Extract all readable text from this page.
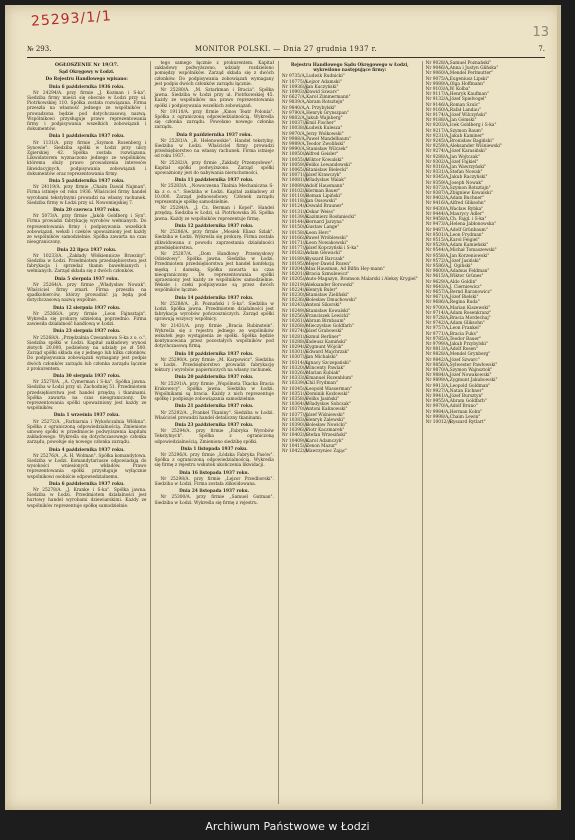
25293/1/1
13
№ 293.	MONITOR POLSKI. — Dnia 27 grudnia 1937 r.	7.
OGŁOSZENIE Nr 19/37.
Sąd Okręgowy w Łodzi.
Do Rejestru Handlowego wpisano:
Dnia 6 października 1936 roku.
Nr 24294/A. przy firmie „J. Kozman i S-ka". Siedziba firmy mieści się obecnie w Łodzi przy ul. Piotrkowskiej 110. Spółka została rozwiązana. Firma przeszła na własność jednego ze wspólników i prowadzona będzie pod dotychczasową nazwą. Wspólnikowi przysługuje prawo reprezentowania firmy i podpisywania wszelkich zobowiązań i dokumentów.
Dnia 1 października 1937 roku.
Nr 1131/A. przy firmie „Szymon Rozenberg i Synowie". Siedziba spółki w Łodzi przy ulicy Zgierskiej 42. Spółka została rozwiązana. Likwidatorem wyznaczono jednego ze wspólników, któremu służy prawo prowadzenia interesów likwidacyjnych, podpisywania zobowiązań i dokumentów oraz reprezentowania firmy.
Dnia 5 października 1937 roku.
Nr 24119/A. przy firmie „Chaim Dawid Najman". Firma istnieje od roku 1936. Właściciel firmy handel wyrobami tekstylnymi prowadzi na własny rachunek. Siedziba firmy w Łodzi przy ul. Nowomiejskiej 7.
Dnia 20 czerwca 1937 roku.
Nr 5073/A. przy firmie „Jakób Goldberg i Syn". Firma prowadzi fabrykację wyrobów wełnianych. Do reprezentowania firmy i podpisywania wszelkich zobowiązań, weksli i czeków upoważniony jest każdy ze wspólników samodzielnie. Spółka zawarta na czas nieograniczony.
Dnia 22 lipca 1937 roku.
Nr 10233/A. „Zakłady Włókiennicze Brzeziny". Siedziba w Łodzi. Przedmiotem przedsiębiorstwa jest fabrykacja i sprzedaż tkanin bawełnianych i wełnianych. Zarząd składa się z dwóch członków.
Dnia 5 sierpnia 1937 roku.
Nr 25264/A. przy firmie „Władysław Nowak". Właściciel firmy zmarł. Firma przeszła na spadkobierców, którzy prowadzić ją będą pod dotychczasową nazwą wspólnie.
Dnia 12 sierpnia 1937 roku.
Nr 25266/A. przy firmie „Leon Fajnsztajn". Wykreśla się prokurę udzieloną poprzednio. Firma zawiesiła działalność handlową w Łodzi.
Dnia 23 sierpnia 1937 roku.
Nr 25268/A. „Przędzalnia Czesankowa S-ka z o. o.". Siedziba spółki w Łodzi. Kapitał zakładowy wynosi złotych 20.000, podzielony na udziały po zł 500. Zarząd spółki składa się z jednego lub kilku członków. Do podpisywania zobowiązań wymagany jest podpis dwóch członków zarządu lub członka zarządu łącznie z prokurentem.
Dnia 30 sierpnia 1937 roku.
Nr 25270/A. „A. Cymerman i S-ka". Spółka jawna. Siedziba w Łodzi przy ul. Zachodniej 51. Przedmiotem przedsiębiorstwa jest handel przędzą i tkaninami. Spółka zawarta na czas nieograniczony. Do reprezentowania spółki upoważniony jest każdy ze wspólników.
Dnia 1 września 1937 roku.
Nr 25272/A. „Farbiarnia i Wykończalnia Włókna". Spółka z ograniczoną odpowiedzialnością. Zmieniono umowę spółki w przedmiocie podwyższenia kapitału zakładowego. Wykreśla się dotychczasowego członka zarządu, powołuje się nowego członka zarządu.
Dnia 4 października 1937 roku.
Nr 25276/A. „A. H. Wolman". Spółka komandytowa. Siedziba w Łodzi. Komandytariusze odpowiadają do wysokości wniesionych wkładów. Prawo reprezentowania spółki przysługuje wyłącznie wspólnikowi osobiście odpowiedzialnemu.
Dnia 6 października 1937 roku.
Nr 25278/A. „J. Kranke i S-ka". Spółka jawna. Siedziba w Łodzi. Przedmiotem działalności jest hurtowy handel wyrobami dziewiarskimi. Każdy ze wspólników reprezentuje spółkę samodzielnie.
tego samego łącznie z prokurentem. Kapitał zakładowy podwyższono, udziały rozdzielono pomiędzy wspólników. Zarząd składa się z dwóch członków. Do podpisywania zobowiązań wymagany jest podpis dwóch członków zarządu łącznie.
Nr 25280/A. „M. Sztarkman i Bracia". Spółka jawna. Siedziba w Łodzi przy ul. Piotrkowskiej 45. Każdy ze wspólników ma prawo reprezentowania spółki i podpisywania wszelkich zobowiązań.
Nr 19110/A. przy firmie „Kinos Teatr Polonia". Spółka z ograniczoną odpowiedzialnością. Wykreśla się członka zarządu. Powołano nowego członka zarządu.
Dnia 8 października 1937 roku.
Nr 25281/A. „B. Helenowskie". Handel tekstylny. Siedziba w Łodzi. Właściciel firmy prowadzi przedsiębiorstwo na własny rachunek. Firma istnieje od roku 1937.
Nr 25282/A. przy firmie „Zakłady Przemysłowe". Kapitał spółki podwyższono. Zarząd spółki upoważniony jest do nabywania nieruchomości.
Dnia 11 października 1937 roku.
Nr 25283/A. „Nowoczesna Tkalnia Mechaniczna S-ka z o. o.". Siedziba w Łodzi. Kapitał zakładowy zł 10.000. Zarząd jednoosobowy. Członek zarządu reprezentuje spółkę samodzielnie.
Nr 25284/A. „J. Cz. Berman i Kopel". Handel przędzą. Siedziba w Łodzi, ul. Piotrkowska 36. Spółka jawna. Każdy ze wspólników reprezentuje firmę.
Dnia 12 października 1937 roku.
Nr 25286/A. przy firmie „Mosiek Eliasz Szlak". Siedziba w Łodzi. Wykreśla się prokurę. Firma została zlikwidowana z powodu zaprzestania działalności przedsiębiorstwa.
Nr 25287/A. „Dom Handlowy Przemysłowy Odzieżowy". Spółka jawna. Siedziba w Łodzi. Przedmiotem przedsiębiorstwa jest handel konfekcją męską i damską. Spółka zawarta na czas nieograniczony. Do reprezentowania spółki uprawniony jest każdy ze wspólników samodzielnie. Weksle i czeki podpisywane są przez dwóch wspólników łącznie.
Dnia 14 października 1937 roku.
Nr 25288/A. „B. Poznański i S-ka". Siedziba w Łodzi. Spółka jawna. Przedmiotem działalności jest fabrykacja wyrobów pończoszniczych. Zarząd spółki sprawują wszyscy wspólnicy.
Nr 21431/A. przy firmie „Bracia Rubinstein". Wykreśla się z rejestru jednego ze wspólników wskutek jego wystąpienia ze spółki. Spółka będzie kontynuowana przez pozostałych wspólników pod dotychczasową firmą.
Dnia 18 października 1937 roku.
Nr 25290/A. przy firmie „M. Karpowicz". Siedziba w Łodzi. Przedsiębiorstwo prowadzi fabrykację tektury i wyrobów papierniczych na własny rachunek.
Dnia 20 października 1937 roku.
Nr 25291/A. przy firmie „Wspólnota Tkacka Bracia Krakowscy". Spółka jawna. Siedziba w Łodzi. Wspólnikami są bracia. Każdy z nich reprezentuje spółkę i podpisuje zobowiązania samodzielnie.
Dnia 21 października 1937 roku.
Nr 25292/A. „Frankel Tkaniny". Siedziba w Łodzi. Właściciel prowadzi handel detaliczny tkaninami.
Dnia 23 października 1937 roku.
Nr 25294/A. przy firmie „Fabryka Wyrobów Tekstylnych". Spółka z ograniczoną odpowiedzialnością. Zmieniono siedzibę spółki.
Dnia 1 listopada 1937 roku.
Nr 25296/A. przy firmie „Łódzka Fabryka Pasów". Spółka z ograniczoną odpowiedzialnością. Wykreśla się firmę z rejestru wskutek ukończenia likwidacji.
Dnia 16 listopada 1937 roku.
Nr 25298/A. przy firmie „Lejzor Przedborski". Siedziba w Łodzi. Firma została zlikwidowana.
Dnia 24 listopada 1937 roku.
Nr 25300/A. przy firmie „Samuel Gutman". Siedziba w Łodzi. Wykreśla się firmę z rejestru.
Rejestru Handlowego Sądu Okręgowego w Łodzi, wykreślono następujące firmy:
Nr 9735/A.„Ludwik Rudnicki"
Nr 10775/A.„Lejzor Adamski"
Nr 10936/A.„Jan Kuczyński"
Nr 10903/A.„Dawid Szwarc"
Nr 6627/A.„Karol Zimmermann"
Nr 9839/A.„Abram Rotsztejn"
Nr 9840/A.„A. Przybylski"
Nr 9790/A.„Henryk Grynszpan"
Nr 9802/A.„Jakub Wajnberg"
Nr 10037/A.„Emil Fischer"
Nr 10038/A.„Ludwik Kulesza"
Nr 9970/A.„Jerzy Wolkowski"
Nr 9988/A.„Paweł Mandelbaum"
Nr 9989/A.„Teodor Zwoliński"
Nr 9990/A.„Stanisław Wilczek"
Nr 10050/A.„Alfred Geisler"
Nr 10055/A.„Wiktor Kowalski"
Nr 10059/A.„Feliks Lewandowski"
Nr 10065/A.„Stanisław Bielecki"
Nr 10071/A.„Józef Krawczyk"
Nr 10081/A.„Władysław Walak"
Nr 10089/A.„Adolf Hausmann"
Nr 10102/A.„Herman Bauer"
Nr 10110/A.„Roman Lipiński"
Nr 10118/A.„Jan Ossowski"
Nr 10124/A.„Oswald Brauner"
Nr 10131/A.„Oskar Weiss"
Nr 10139/A.„Kazimierz Rosłaniecki"
Nr 10144/A.„Bernard Jarzyna"
Nr 10150/A.„Gustaw Lange"
Nr 10158/A.„Leon Herc"
Nr 10166/A.„Paweł Wróblewski"
Nr 10171/A.„Leon Nowakowski"
Nr 10177/A.„Józef Kopczyński i S-ka"
Nr 10182/A.„Adam Głowacki"
Nr 10189/A.„Ryszard Barczak"
Nr 10195/A.„Mejer-Dawid Rozen"
Nr 10204/A.„Max Hausman, Ad Bilfin Hey-mann"
Nr 10201/A.„Bracia Szmulewicz"
Nr 10205/A.„Auto-Magazyn, Bramson Malarski i Aleksy Krygiel"
Nr 10219/A.„Aleksander Borowski"
Nr 10224/A.„Henryk Buler"
Nr 10230/A.„Stanisław Zieliński"
Nr 10236/A.„Bolesław Dmuchowski"
Nr 10243/A.„Antoni Sikorski"
Nr 10249/A.„Stanisław Kowalski"
Nr 10256/A.„Franciszek Lewicki"
Nr 10261/A.„Abram Birnbaum"
Nr 10268/A.„Mieczysław Goldfarb"
Nr 10274/A.„Józef Grabowski"
Nr 10281/A.„Szmul Berliner"
Nr 10288/A.„Tadeusz Kamiński"
Nr 10294/A.„Zygmunt Wójcik"
Nr 10301/A.„Edward Majchrzak"
Nr 10307/A.„Jan Michalski"
Nr 10314/A.„Ignacy Szczepański"
Nr 10320/A.„Wincenty Pawlak"
Nr 10326/A.„Marian Kubiak"
Nr 10333/A.„Emanuel Rozenblum"
Nr 10339/A.„Chil Frydman"
Nr 10345/A.„Leopold Wasserman"
Nr 10351/A.„Dominik Kozłowski"
Nr 10358/A.„Feliks Jasiński"
Nr 10364/A.„Władysław Sobczak"
Nr 10370/A.„Antoni Kalinowski"
Nr 10377/A.„Józef Wiśniewski"
Nr 10383/A.„Henryk Zalewski"
Nr 10390/A.„Bolesław Nowicki"
Nr 10396/A.„Piotr Kaczmarek"
Nr 10402/A.„Stefan Wrzesiński"
Nr 10409/A.„Karol Adamczyk"
Nr 10415/A.„Zenon Mazur"
Nr 10422/A.„Wawrzyniec Zając"
Nr 9028/A.„Samuel Poznański"
Nr 9046/A.„Anna i Justyn Glińska"
Nr 9060/A.„Mendel Perlmutter"
Nr 9075/A.„Eugeniusz Lipski"
Nr 9089/A.„Olga Hoffmann"
Nr 9103/A.„W. Kolba"
Nr 9117/A.„Henryk Kaufman"
Nr 9132/A.„Józef Spielvogel"
Nr 9146/A.„Roman Szulc"
Nr 9160/A.„Rafał Landau"
Nr 9174/A.„Józef Wilczyński"
Nr 9188/A.„Jan Gómski"
Nr 9203/A.„Icek Goldberg i S-ka"
Nr 9217/A.„Szymon Baum"
Nr 9231/A.„Jakub Kaminer"
Nr 9245/A.„Bronisław Bagiński"
Nr 9259/A.„Aleksander Wiśniewski"
Nr 9274/A.„Józef Karasiński"
Nr 9288/A.„Jan Wojtczak"
Nr 9302/A.„Józef Fajkiel"
Nr 9316/A.„Jan Wawrzyński"
Nr 9331/A.„Stefan Nowak"
Nr 9345/A.„Jakub Raczyński"
Nr 9359/A.„Joseph Nowak"
Nr 9373/A.„Szymon Rotsztajn"
Nr 9387/A.„Zbigniew Kowalski"
Nr 9402/A.„Adam Buchner"
Nr 9416/A.„Alfred Gliksohn"
Nr 9430/A.„Wacław Rybka"
Nr 9444/A.„Maurycy Adler"
Nr 9458/A.„Ch. Fajgl. i S-ka"
Nr 9473/A.„Helena Jabłonowska"
Nr 9487/A.„Adolf Grünbaum"
Nr 9501/A.„Leon Frydman"
Nr 9515/A.„Karol Feigiel"
Nr 9529/A.„Adam Kamieński"
Nr 9544/A.„Michał Tomaszewski"
Nr 9558/A.„Jan Korzeniowski"
Nr 9572/A.„Józef Jasiński"
Nr 9586/A.„J. Ogiński"
Nr 9600/A.„Adamus Feldman"
Nr 9615/A.„Wiktor Grünes"
Nr 9629/A.„Aldo Goldin"
Nr 9643/A.„J. Cierniewicz"
Nr 9657/A.„Bernd Baranowicz"
Nr 9671/A.„Józef Bielski"
Nr 9686/A.„Regina Ruda"
Nr 9700/A.„Marian Kiszewski"
Nr 9714/A.„Adam Rosenkranz"
Nr 9728/A.„Bracia Mordechaj"
Nr 9742/A.„Adam Gliksohn"
Nr 9757/A.„Leon Frankel"
Nr 9771/A.„Bracia Fuks"
Nr 9785/A.„Teodor Bauer"
Nr 9799/A.„Jakub Przybylski"
Nr 9813/A.„Adolf Rosen"
Nr 9828/A.„Mendel Grynberg"
Nr 9842/A.„Józef Szwarc"
Nr 9856/A.„Sylwester Pawłowski"
Nr 9870/A.„Szymon Wajnsztok"
Nr 9884/A.„Józef Nowakowski"
Nr 9899/A.„Zygmunt Jakubowski"
Nr 9913/A.„Leopold Goldman"
Nr 9927/A.„Natan Eichner"
Nr 9941/A.„Józef Bursztyn"
Nr 9955/A.„Abram Goldfarb"
Nr 9970/A.„Adolf Bruno"
Nr 9984/A.„Herman Kohn"
Nr 9998/A.„Chaim Lewin"
Nr 10012/A.„Ryszard Rytlart"
Archiwum Państwowe w Łodzi
